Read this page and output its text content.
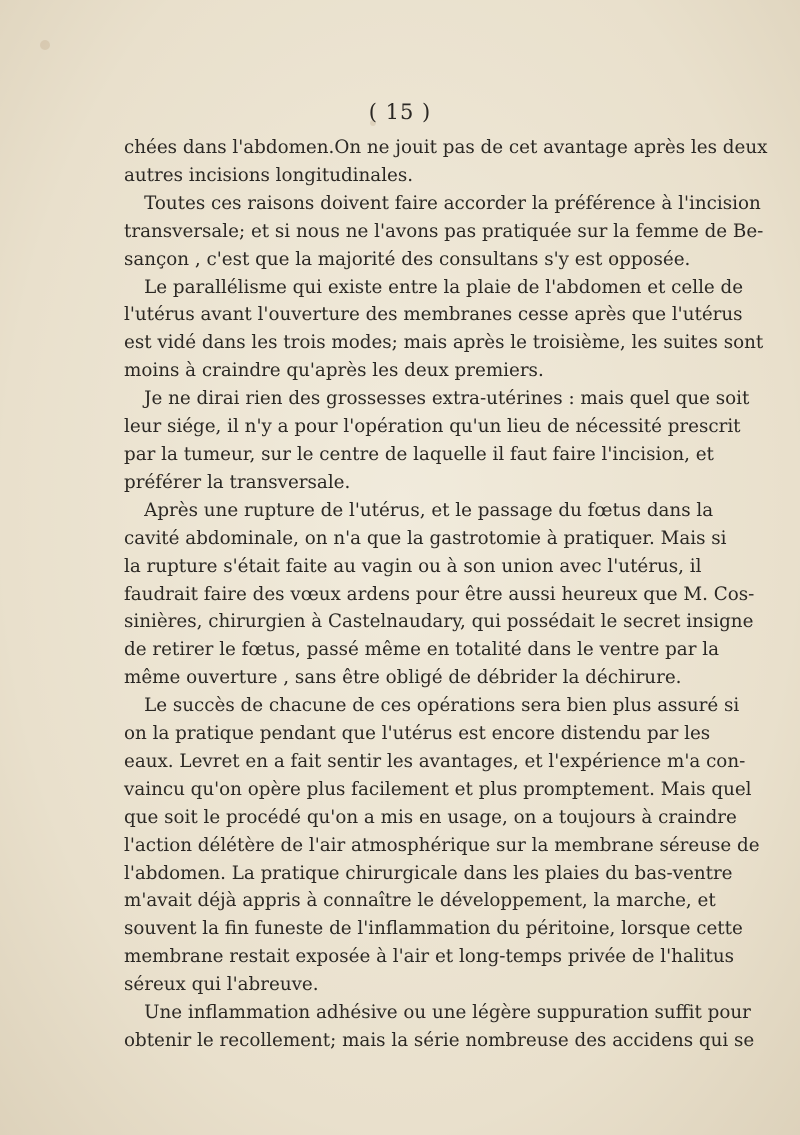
( 15 )

chées dans l'abdomen.On ne jouit pas de cet avantage après les deux
autres incisions longitudinales.

Toutes ces raisons doivent faire accorder la préférence à l'incision
transversale; et si nous ne l'avons pas pratiquée sur la femme de Be-
sançon , c'est que la majorité des consultans s'y est opposée.

Le parallélisme qui existe entre la plaie de l'abdomen et celle de
l'utérus avant l'ouverture des membranes cesse après que l'utérus
est vidé dans les trois modes; mais après le troisième, les suites sont
moins à craindre qu'après les deux premiers.

Je ne dirai rien des grossesses extra-utérines : mais quel que soit
leur siége, il n'y a pour l'opération qu'un lieu de nécessité prescrit
par la tumeur, sur le centre de laquelle il faut faire l'incision, et
préférer la transversale.

Après une rupture de l'utérus, et le passage du fœtus dans la
cavité abdominale, on n'a que la gastrotomie à pratiquer. Mais si
la rupture s'était faite au vagin ou à son union avec l'utérus, il
faudrait faire des vœux ardens pour être aussi heureux que M. Cos-
sinières, chirurgien à Castelnaudary, qui possédait le secret insigne
de retirer le fœtus, passé même en totalité dans le ventre par la
même ouverture , sans être obligé de débrider la déchirure.

Le succès de chacune de ces opérations sera bien plus assuré si
on la pratique pendant que l'utérus est encore distendu par les
eaux. Levret en a fait sentir les avantages, et l'expérience m'a con-
vaincu qu'on opère plus facilement et plus promptement. Mais quel
que soit le procédé qu'on a mis en usage, on a toujours à craindre
l'action délétère de l'air atmosphérique sur la membrane séreuse de
l'abdomen. La pratique chirurgicale dans les plaies du bas-ventre
m'avait déjà appris à connaître le développement, la marche, et
souvent la fin funeste de l'inflammation du péritoine, lorsque cette
membrane restait exposée à l'air et long-temps privée de l'halitus
séreux qui l'abreuve.

Une inflammation adhésive ou une légère suppuration suffit pour
obtenir le recollement; mais la série nombreuse des accidens qui se
